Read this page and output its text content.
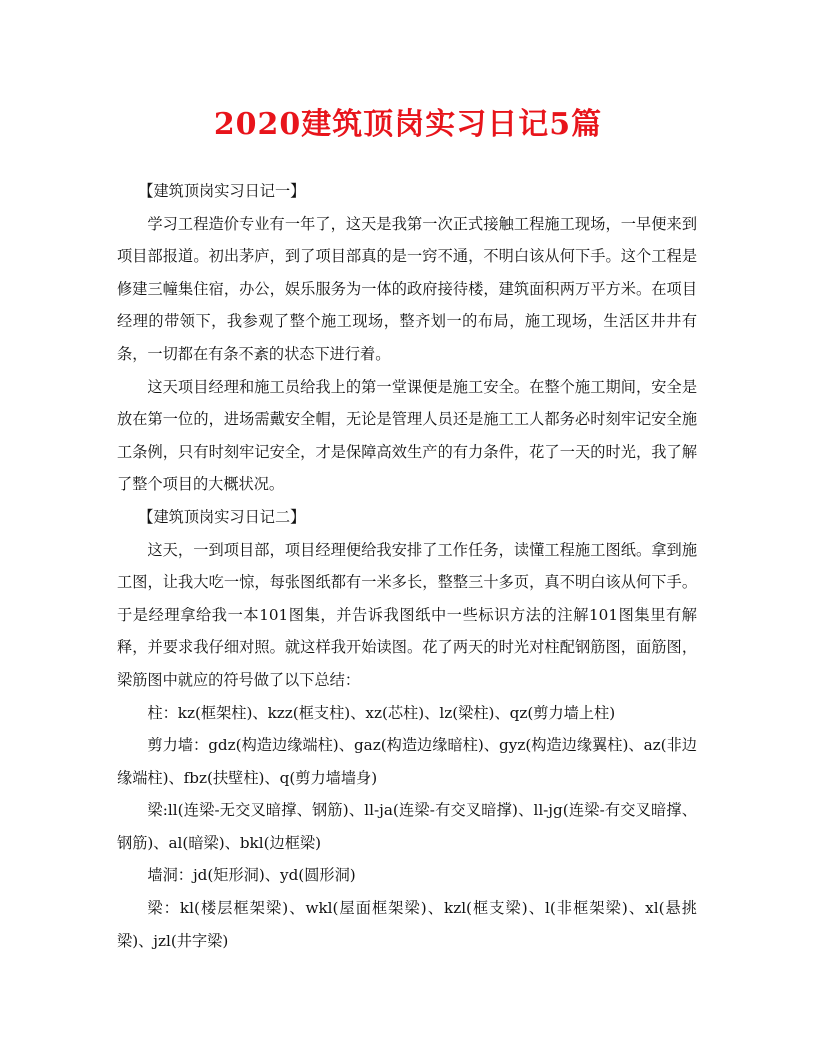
2020建筑顶岗实习日记5篇

【建筑顶岗实习日记一】

学习工程造价专业有一年了，这天是我第一次正式接触工程施工现场，一早便来到项目部报道。初出茅庐，到了项目部真的是一窍不通，不明白该从何下手。这个工程是修建三幢集住宿，办公，娱乐服务为一体的政府接待楼，建筑面积两万平方米。在项目经理的带领下，我参观了整个施工现场，整齐划一的布局，施工现场，生活区井井有条，一切都在有条不紊的状态下进行着。

这天项目经理和施工员给我上的第一堂课便是施工安全。在整个施工期间，安全是放在第一位的，进场需戴安全帽，无论是管理人员还是施工工人都务必时刻牢记安全施工条例，只有时刻牢记安全，才是保障高效生产的有力条件，花了一天的时光，我了解了整个项目的大概状况。

【建筑顶岗实习日记二】

这天，一到项目部，项目经理便给我安排了工作任务，读懂工程施工图纸。拿到施工图，让我大吃一惊，每张图纸都有一米多长，整整三十多页，真不明白该从何下手。于是经理拿给我一本101图集，并告诉我图纸中一些标识方法的注解101图集里有解释，并要求我仔细对照。就这样我开始读图。花了两天的时光对柱配钢筋图，面筋图，梁筋图中就应的符号做了以下总结：

柱：kz(框架柱)、kzz(框支柱)、xz(芯柱)、lz(梁柱)、qz(剪力墙上柱)

剪力墙：gdz(构造边缘端柱)、gaz(构造边缘暗柱)、gyz(构造边缘翼柱)、az(非边缘端柱)、fbz(扶壁柱)、q(剪力墙墙身)

梁:ll(连梁-无交叉暗撑、钢筋)、ll-ja(连梁-有交叉暗撑)、ll-jg(连梁-有交叉暗撑、钢筋)、al(暗梁)、bkl(边框梁)

墙洞：jd(矩形洞)、yd(圆形洞)

梁：kl(楼层框架梁)、wkl(屋面框架梁)、kzl(框支梁)、l(非框架梁)、xl(悬挑梁)、jzl(井字梁)
